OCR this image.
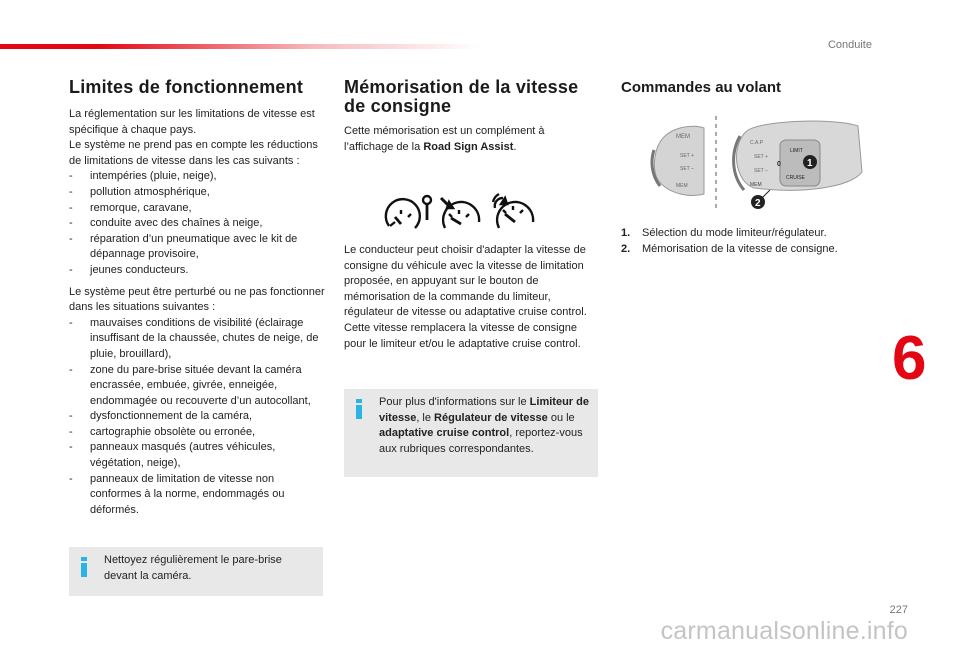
Conduite
6
227
carmanualsonline.info
Limites de fonctionnement

La réglementation sur les limitations de vitesse est spécifique à chaque pays.

Le système ne prend pas en compte les réductions de limitations de vitesse dans les cas suivants :

- intempéries (pluie, neige),
- pollution atmosphérique,
- remorque, caravane,
- conduite avec des chaînes à neige,
- réparation d’un pneumatique avec le kit de dépannage provisoire,
- jeunes conducteurs.

Le système peut être perturbé ou ne pas fonctionner dans les situations suivantes :

- mauvaises conditions de visibilité (éclairage insuffisant de la chaussée, chutes de neige, de pluie, brouillard),
- zone du pare-brise située devant la caméra encrassée, embuée, givrée, enneigée, endommagée ou recouverte d’un autocollant,
- dysfonctionnement de la caméra,
- cartographie obsolète ou erronée,
- panneaux masqués (autres véhicules, végétation, neige),
- panneaux de limitation de vitesse non conformes à la norme, endommagés ou déformés.

Nettoyez régulièrement le pare-brise devant la caméra.

Mémorisation de la vitesse de consigne

Cette mémorisation est un complément à l’affichage de la Road Sign Assist.

Le conducteur peut choisir d'adapter la vitesse de consigne du véhicule avec la vitesse de limitation proposée, en appuyant sur le bouton de mémorisation de la commande du limiteur, régulateur de vitesse ou adaptative cruise control.

Cette vitesse remplacera la vitesse de consigne pour le limiteur et/ou le adaptative cruise control.

Pour plus d'informations sur le Limiteur de vitesse, le Régulateur de vitesse ou le adaptative cruise control, reportez-vous aux rubriques correspondantes.

Commandes au volant
MEM
SET +
SET –
MEM
C.A.P
SET +
SET –
LIMIT
0
CRUISE
MEM
1
2
1.	Sélection du mode limiteur/régulateur.
2.	Mémorisation de la vitesse de consigne.
